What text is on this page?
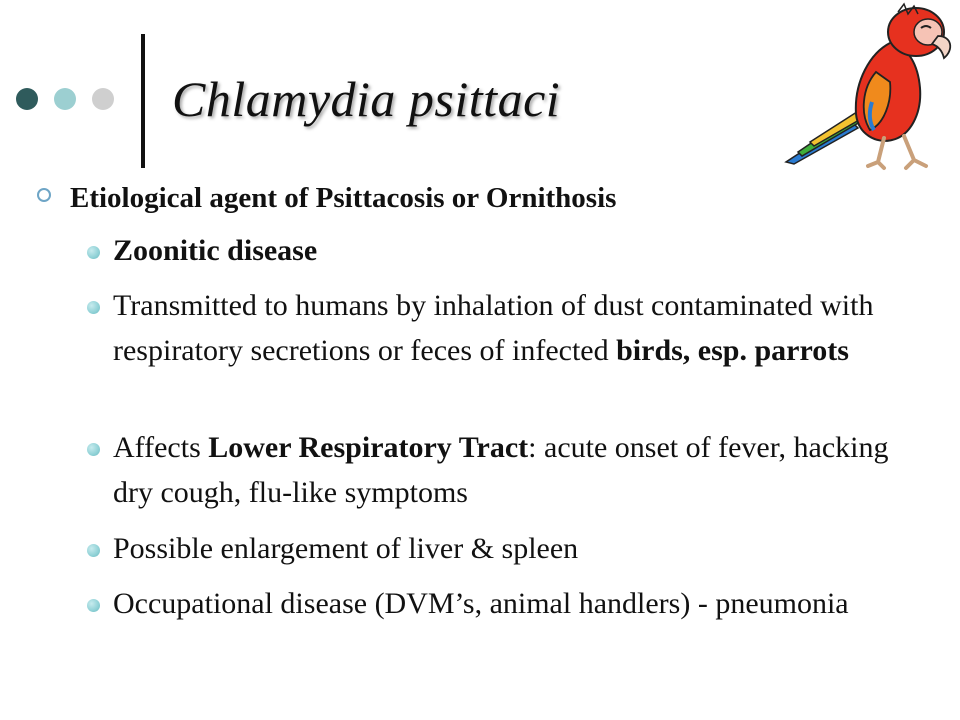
Chlamydia psittaci
Etiological agent of Psittacosis or Ornithosis
Zoonitic disease
Transmitted to humans by inhalation of dust contaminated with respiratory secretions or feces of infected birds, esp. parrots
Affects Lower Respiratory Tract: acute onset of fever, hacking dry cough, flu-like symptoms
Possible enlargement of liver & spleen
Occupational disease (DVM’s, animal handlers) - pneumonia
